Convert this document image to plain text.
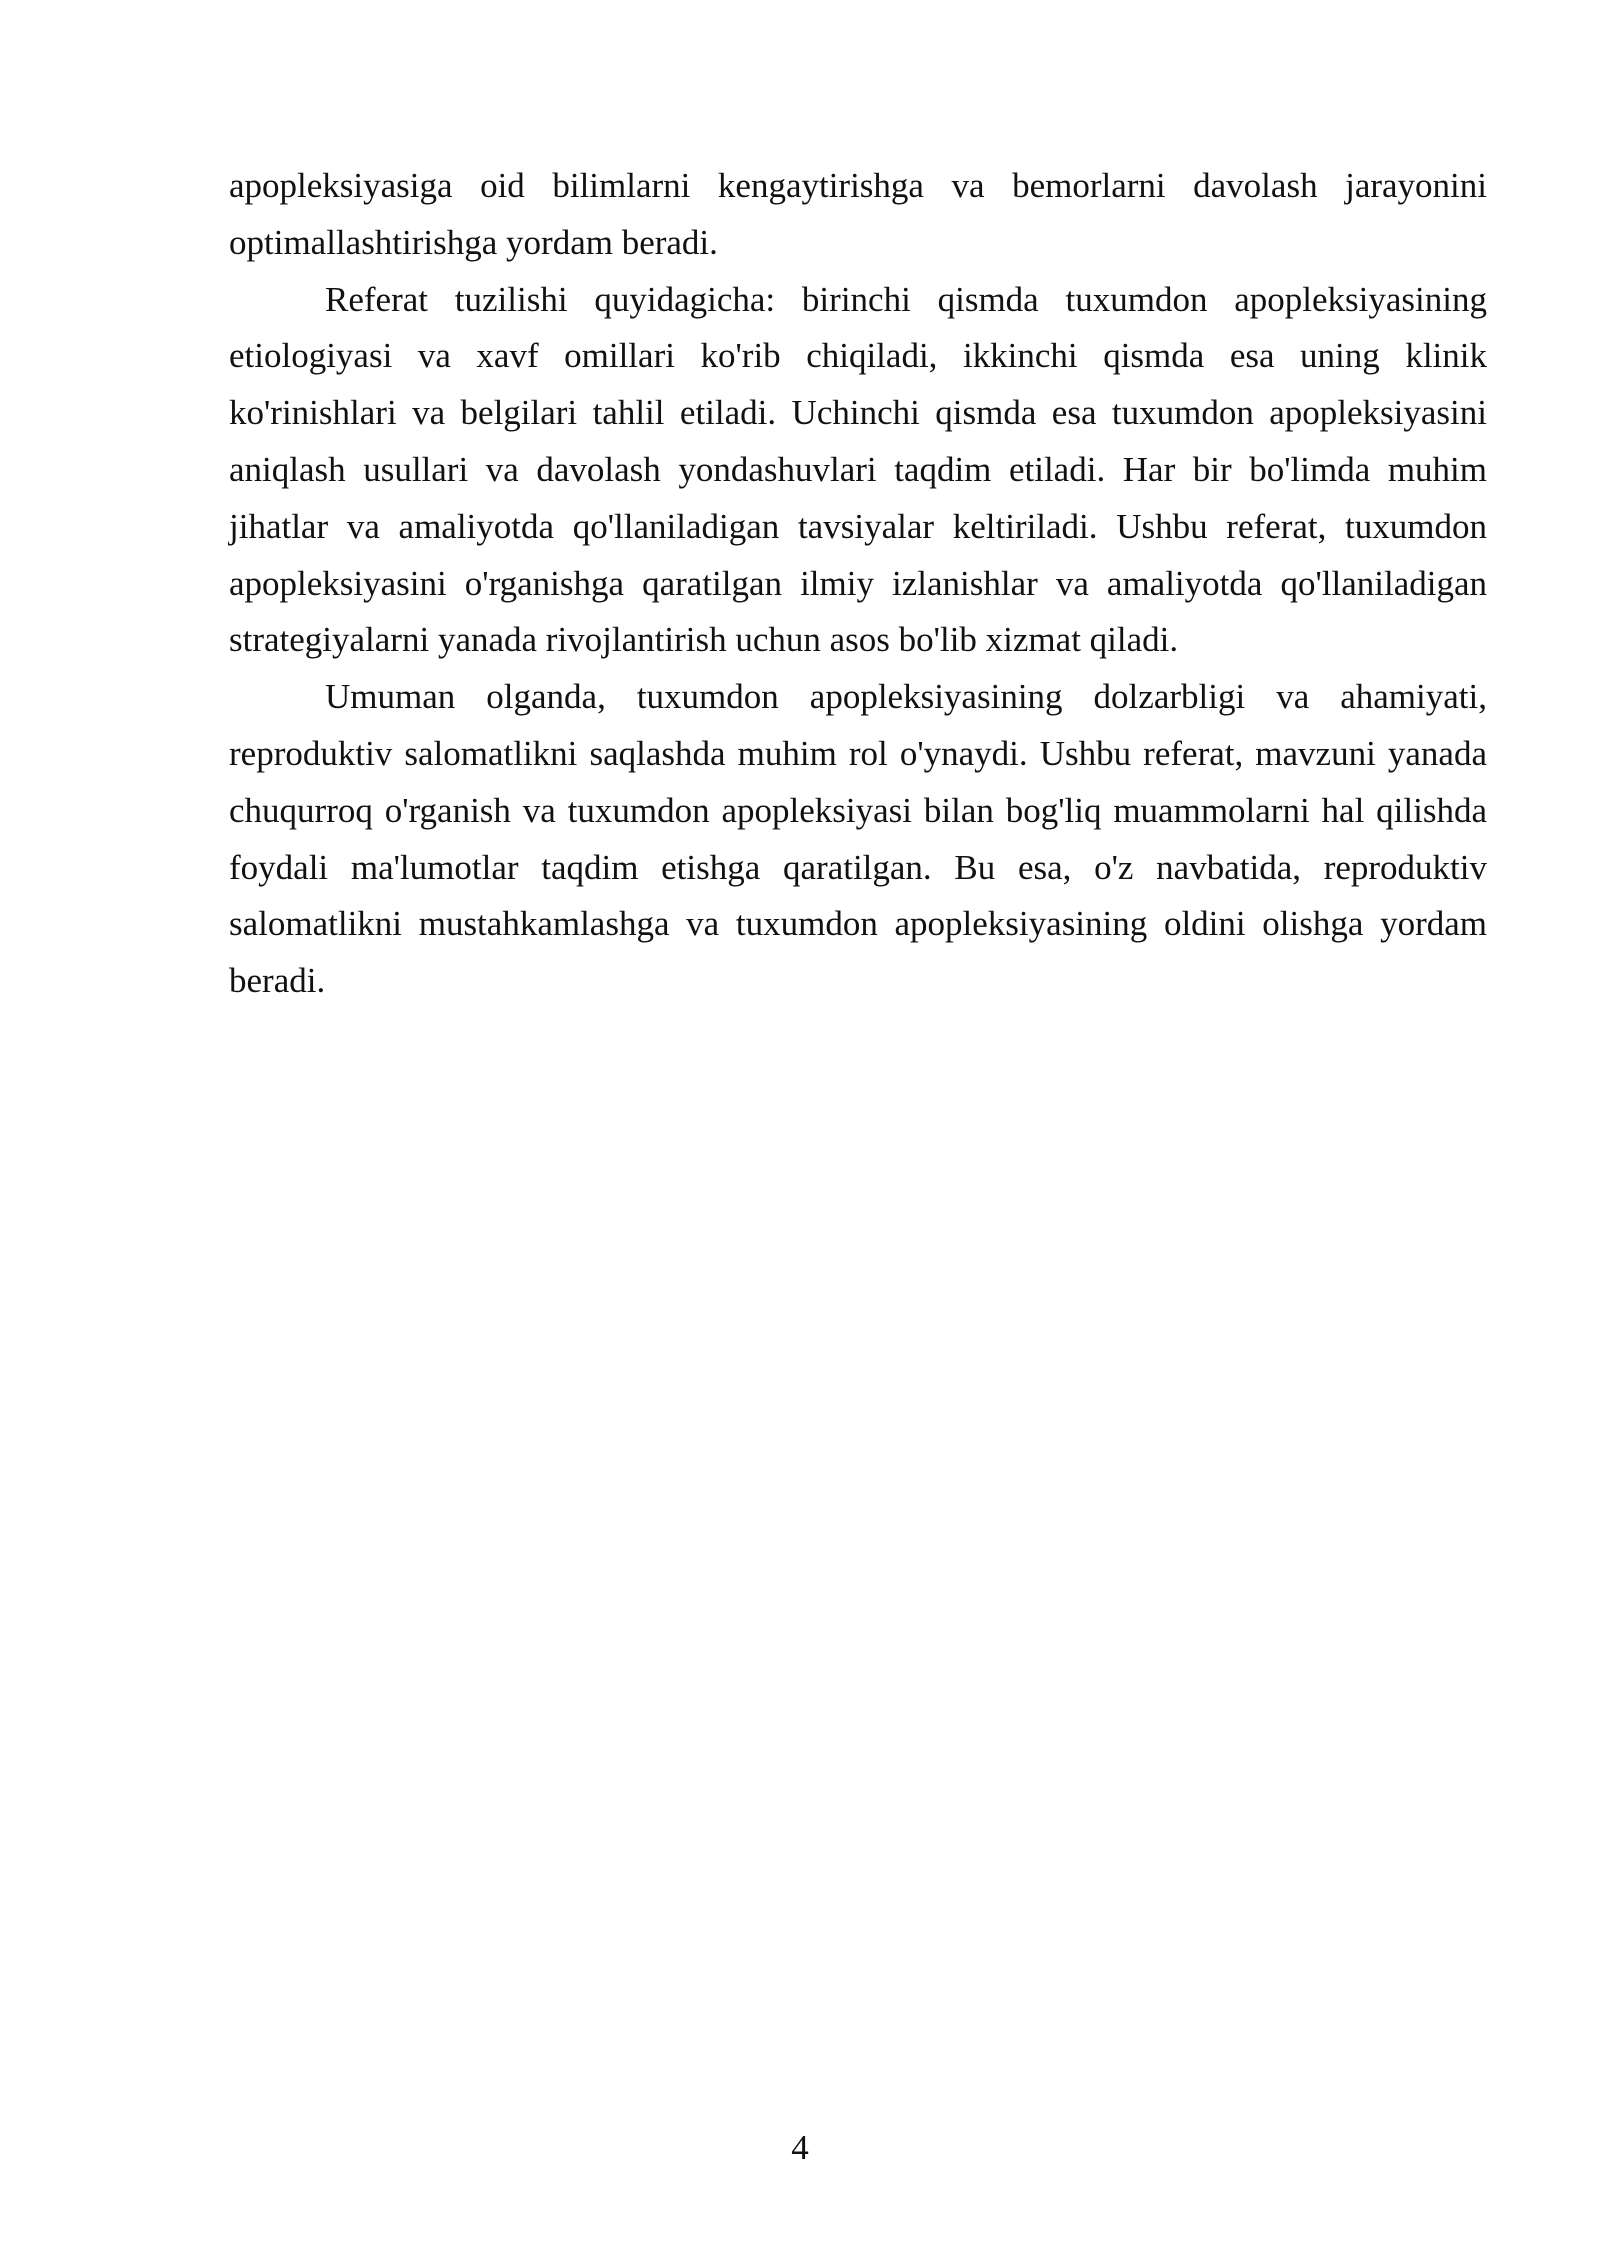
apopleksiyasiga oid bilimlarni kengaytirishga va bemorlarni davolash jarayonini optimallashtirishga yordam beradi.

Referat tuzilishi quyidagicha: birinchi qismda tuxumdon apopleksiyasining etiologiyasi va xavf omillari ko'rib chiqiladi, ikkinchi qismda esa uning klinik ko'rinishlari va belgilari tahlil etiladi. Uchinchi qismda esa tuxumdon apopleksiyasini aniqlash usullari va davolash yondashuvlari taqdim etiladi. Har bir bo'limda muhim jihatlar va amaliyotda qo'llaniladigan tavsiyalar keltiriladi. Ushbu referat, tuxumdon apopleksiyasini o'rganishga qaratilgan ilmiy izlanishlar va amaliyotda qo'llaniladigan strategiyalarni yanada rivojlantirish uchun asos bo'lib xizmat qiladi.

Umuman olganda, tuxumdon apopleksiyasining dolzarbligi va ahamiyati, reproduktiv salomatlikni saqlashda muhim rol o'ynaydi. Ushbu referat, mavzuni yanada chuqurroq o'rganish va tuxumdon apopleksiyasi bilan bog'liq muammolarni hal qilishda foydali ma'lumotlar taqdim etishga qaratilgan. Bu esa, o'z navbatida, reproduktiv salomatlikni mustahkamlashga va tuxumdon apopleksiyasining oldini olishga yordam beradi.

4
